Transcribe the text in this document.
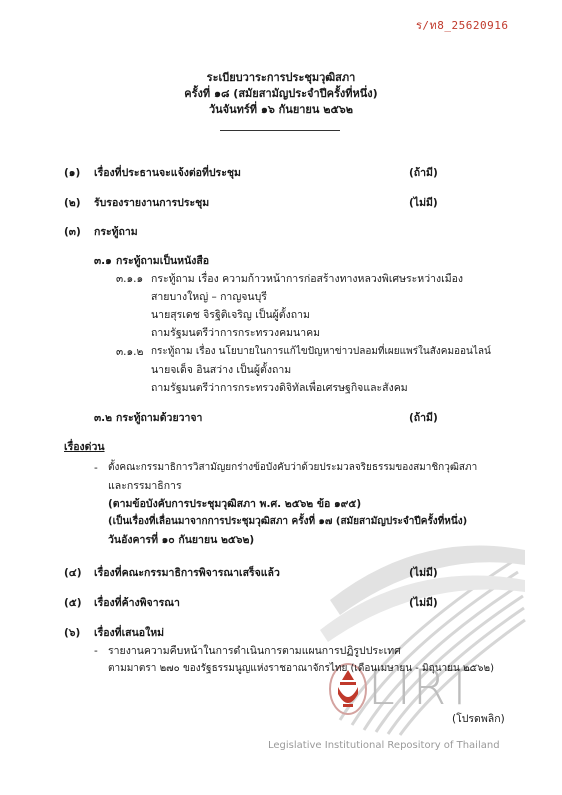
LIRT
Legislative Institutional Repository of Thailand
ร/ท8_25620916
ระเบียบวาระการประชุมวุฒิสภา
ครั้งที่ ๑๘ (สมัยสามัญประจำปีครั้งที่หนึ่ง)
วันจันทร์ที่ ๑๖ กันยายน ๒๕๖๒
(๑) เรื่องที่ประธานจะแจ้งต่อที่ประชุม	(ถ้ามี)
(๒) รับรองรายงานการประชุม	(ไม่มี)
(๓) กระทู้ถาม
๓.๑ กระทู้ถามเป็นหนังสือ
๓.๑.๑ กระทู้ถาม เรื่อง ความก้าวหน้าการก่อสร้างทางหลวงพิเศษระหว่างเมือง
สายบางใหญ่ – กาญจนบุรี
นายสุรเดช จิรฐิติเจริญ เป็นผู้ตั้งถาม
ถามรัฐมนตรีว่าการกระทรวงคมนาคม
๓.๑.๒ กระทู้ถาม เรื่อง นโยบายในการแก้ไขปัญหาข่าวปลอมที่เผยแพร่ในสังคมออนไลน์
นายจเด็จ อินสว่าง เป็นผู้ตั้งถาม
ถามรัฐมนตรีว่าการกระทรวงดิจิทัลเพื่อเศรษฐกิจและสังคม
๓.๒ กระทู้ถามด้วยวาจา	(ถ้ามี)
เรื่องด่วน
- ตั้งคณะกรรมาธิการวิสามัญยกร่างข้อบังคับว่าด้วยประมวลจริยธรรมของสมาชิกวุฒิสภา
และกรรมาธิการ
(ตามข้อบังคับการประชุมวุฒิสภา พ.ศ. ๒๕๖๒ ข้อ ๑๙๕)
(เป็นเรื่องที่เลื่อนมาจากการประชุมวุฒิสภา ครั้งที่ ๑๗ (สมัยสามัญประจำปีครั้งที่หนึ่ง)
วันอังคารที่ ๑๐ กันยายน ๒๕๖๒)
(๔) เรื่องที่คณะกรรมาธิการพิจารณาเสร็จแล้ว	(ไม่มี)
(๕) เรื่องที่ค้างพิจารณา	(ไม่มี)
(๖) เรื่องที่เสนอใหม่
- รายงานความคืบหน้าในการดำเนินการตามแผนการปฏิรูปประเทศ
ตามมาตรา ๒๗๐ ของรัฐธรรมนูญแห่งราชอาณาจักรไทย (เดือนเมษายน - มิถุนายน ๒๕๖๒)
(โปรดพลิก)
